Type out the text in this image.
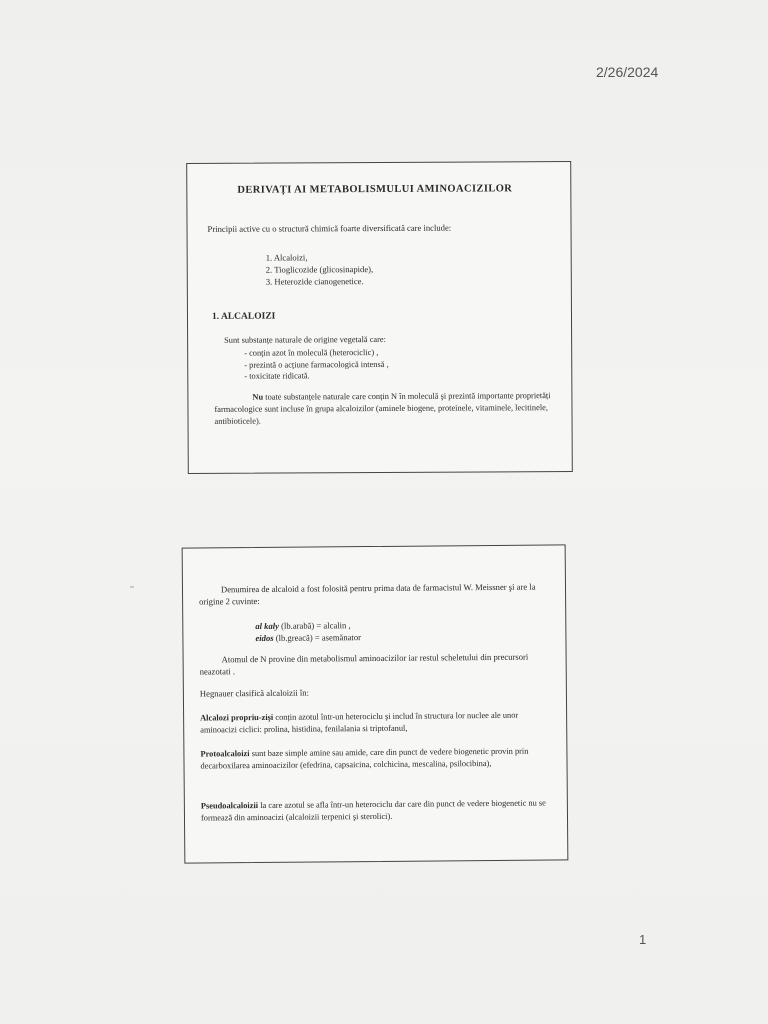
2/26/2024
DERIVAȚI AI METABOLISMULUI AMINOACIZILOR
Principii active cu o structură chimică foarte diversificată care include:
1. Alcaloizi,
2. Tioglicozide (glicosinapide),
3. Heterozide cianogenetice.
1. ALCALOIZI
Sunt substanțe naturale de origine vegetală care:
- conțin azot în moleculă (heterociclic) ,
- prezintă o acțiune farmacologică intensă ,
- toxicitate ridicată.
Nu toate substanțele naturale care conțin N în moleculă şi prezintă importante proprietăți farmacologice sunt incluse în grupa alcaloizilor (aminele biogene, proteinele, vitaminele, lecitinele, antibioticele).
Denumirea de alcaloid a fost folosită pentru prima data de farmacistul W. Meissner şi are la origine 2 cuvinte:
al kaly (lb.arabă) = alcalin ,
eidos (lb.greacă) = asemănator
Atomul de N provine din metabolismul aminoacizilor iar restul scheletului din precursori neazotati .
Hegnauer clasifică alcaloizii în:
Alcalozi propriu-zişi conțin azotul într-un heterociclu şi includ în structura lor nuclee ale unor aminoacizi ciclici: prolina, histidina, fenilalania si triptofanul,
Protoalcaloizi sunt baze simple amine sau amide, care din punct de vedere biogenetic provin prin decarboxilarea aminoacizilor (efedrina, capsaicina, colchicina, mescalina, psilocibina),
Pseudoalcaloizii la care azotul se afla într-un heterociclu dar care din punct de vedere biogenetic nu se formează din aminoacizi (alcaloizii terpenici şi sterolici).
1
